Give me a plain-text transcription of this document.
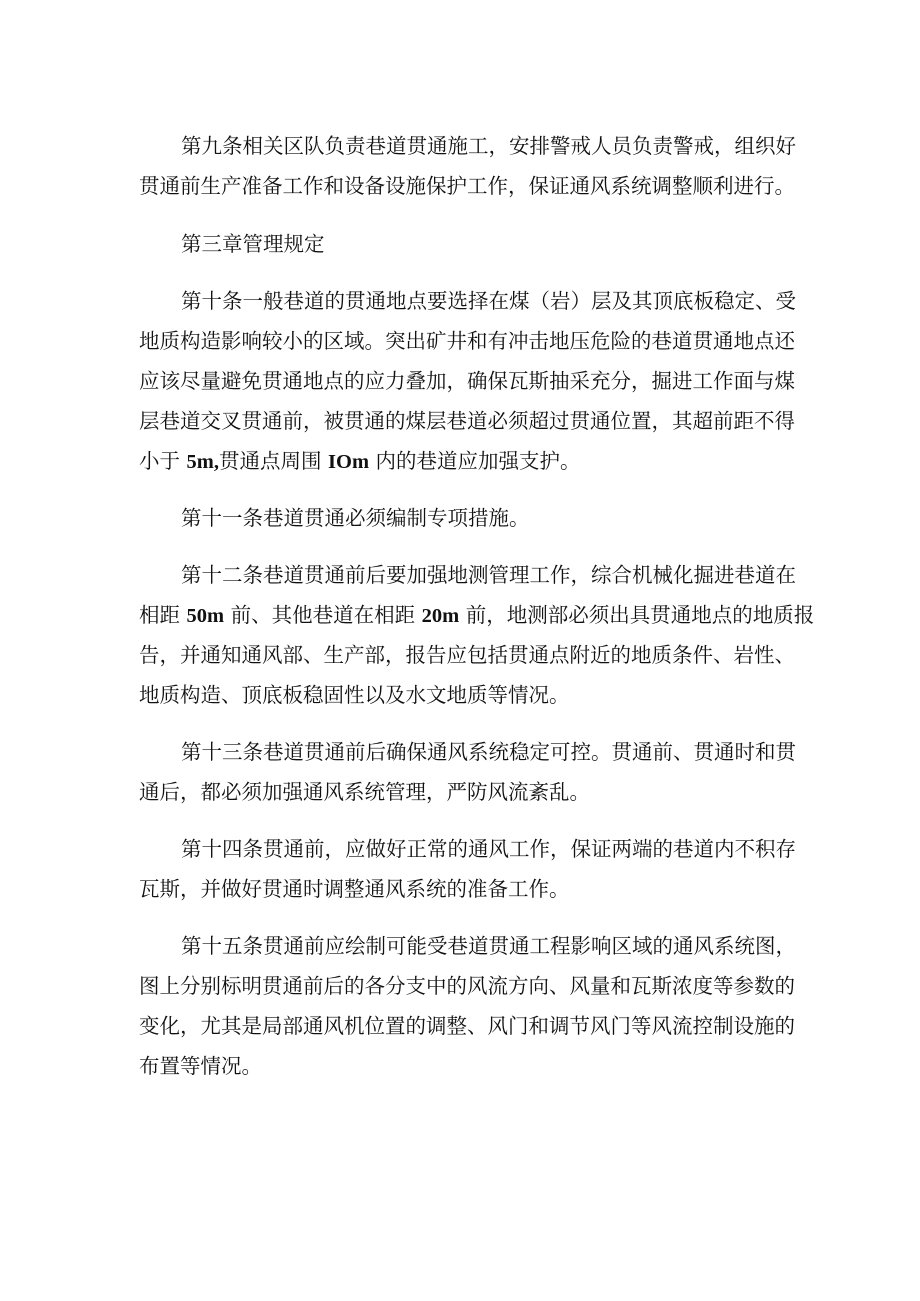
第九条相关区队负责巷道贯通施工，安排警戒人员负责警戒，组织好
贯通前生产准备工作和设备设施保护工作，保证通风系统调整顺利进行。
第三章管理规定
第十条一般巷道的贯通地点要选择在煤（岩）层及其顶底板稳定、受
地质构造影响较小的区域。突出矿井和有冲击地压危险的巷道贯通地点还
应该尽量避免贯通地点的应力叠加，确保瓦斯抽采充分，掘进工作面与煤
层巷道交叉贯通前，被贯通的煤层巷道必须超过贯通位置，其超前距不得
小于 5m,贯通点周围 IOm 内的巷道应加强支护。
第十一条巷道贯通必须编制专项措施。
第十二条巷道贯通前后要加强地测管理工作，综合机械化掘进巷道在
相距 50m 前、其他巷道在相距 20m 前，地测部必须出具贯通地点的地质报
告，并通知通风部、生产部，报告应包括贯通点附近的地质条件、岩性、
地质构造、顶底板稳固性以及水文地质等情况。
第十三条巷道贯通前后确保通风系统稳定可控。贯通前、贯通时和贯
通后，都必须加强通风系统管理，严防风流紊乱。
第十四条贯通前，应做好正常的通风工作，保证两端的巷道内不积存
瓦斯，并做好贯通时调整通风系统的准备工作。
第十五条贯通前应绘制可能受巷道贯通工程影响区域的通风系统图，
图上分别标明贯通前后的各分支中的风流方向、风量和瓦斯浓度等参数的
变化，尤其是局部通风机位置的调整、风门和调节风门等风流控制设施的
布置等情况。
